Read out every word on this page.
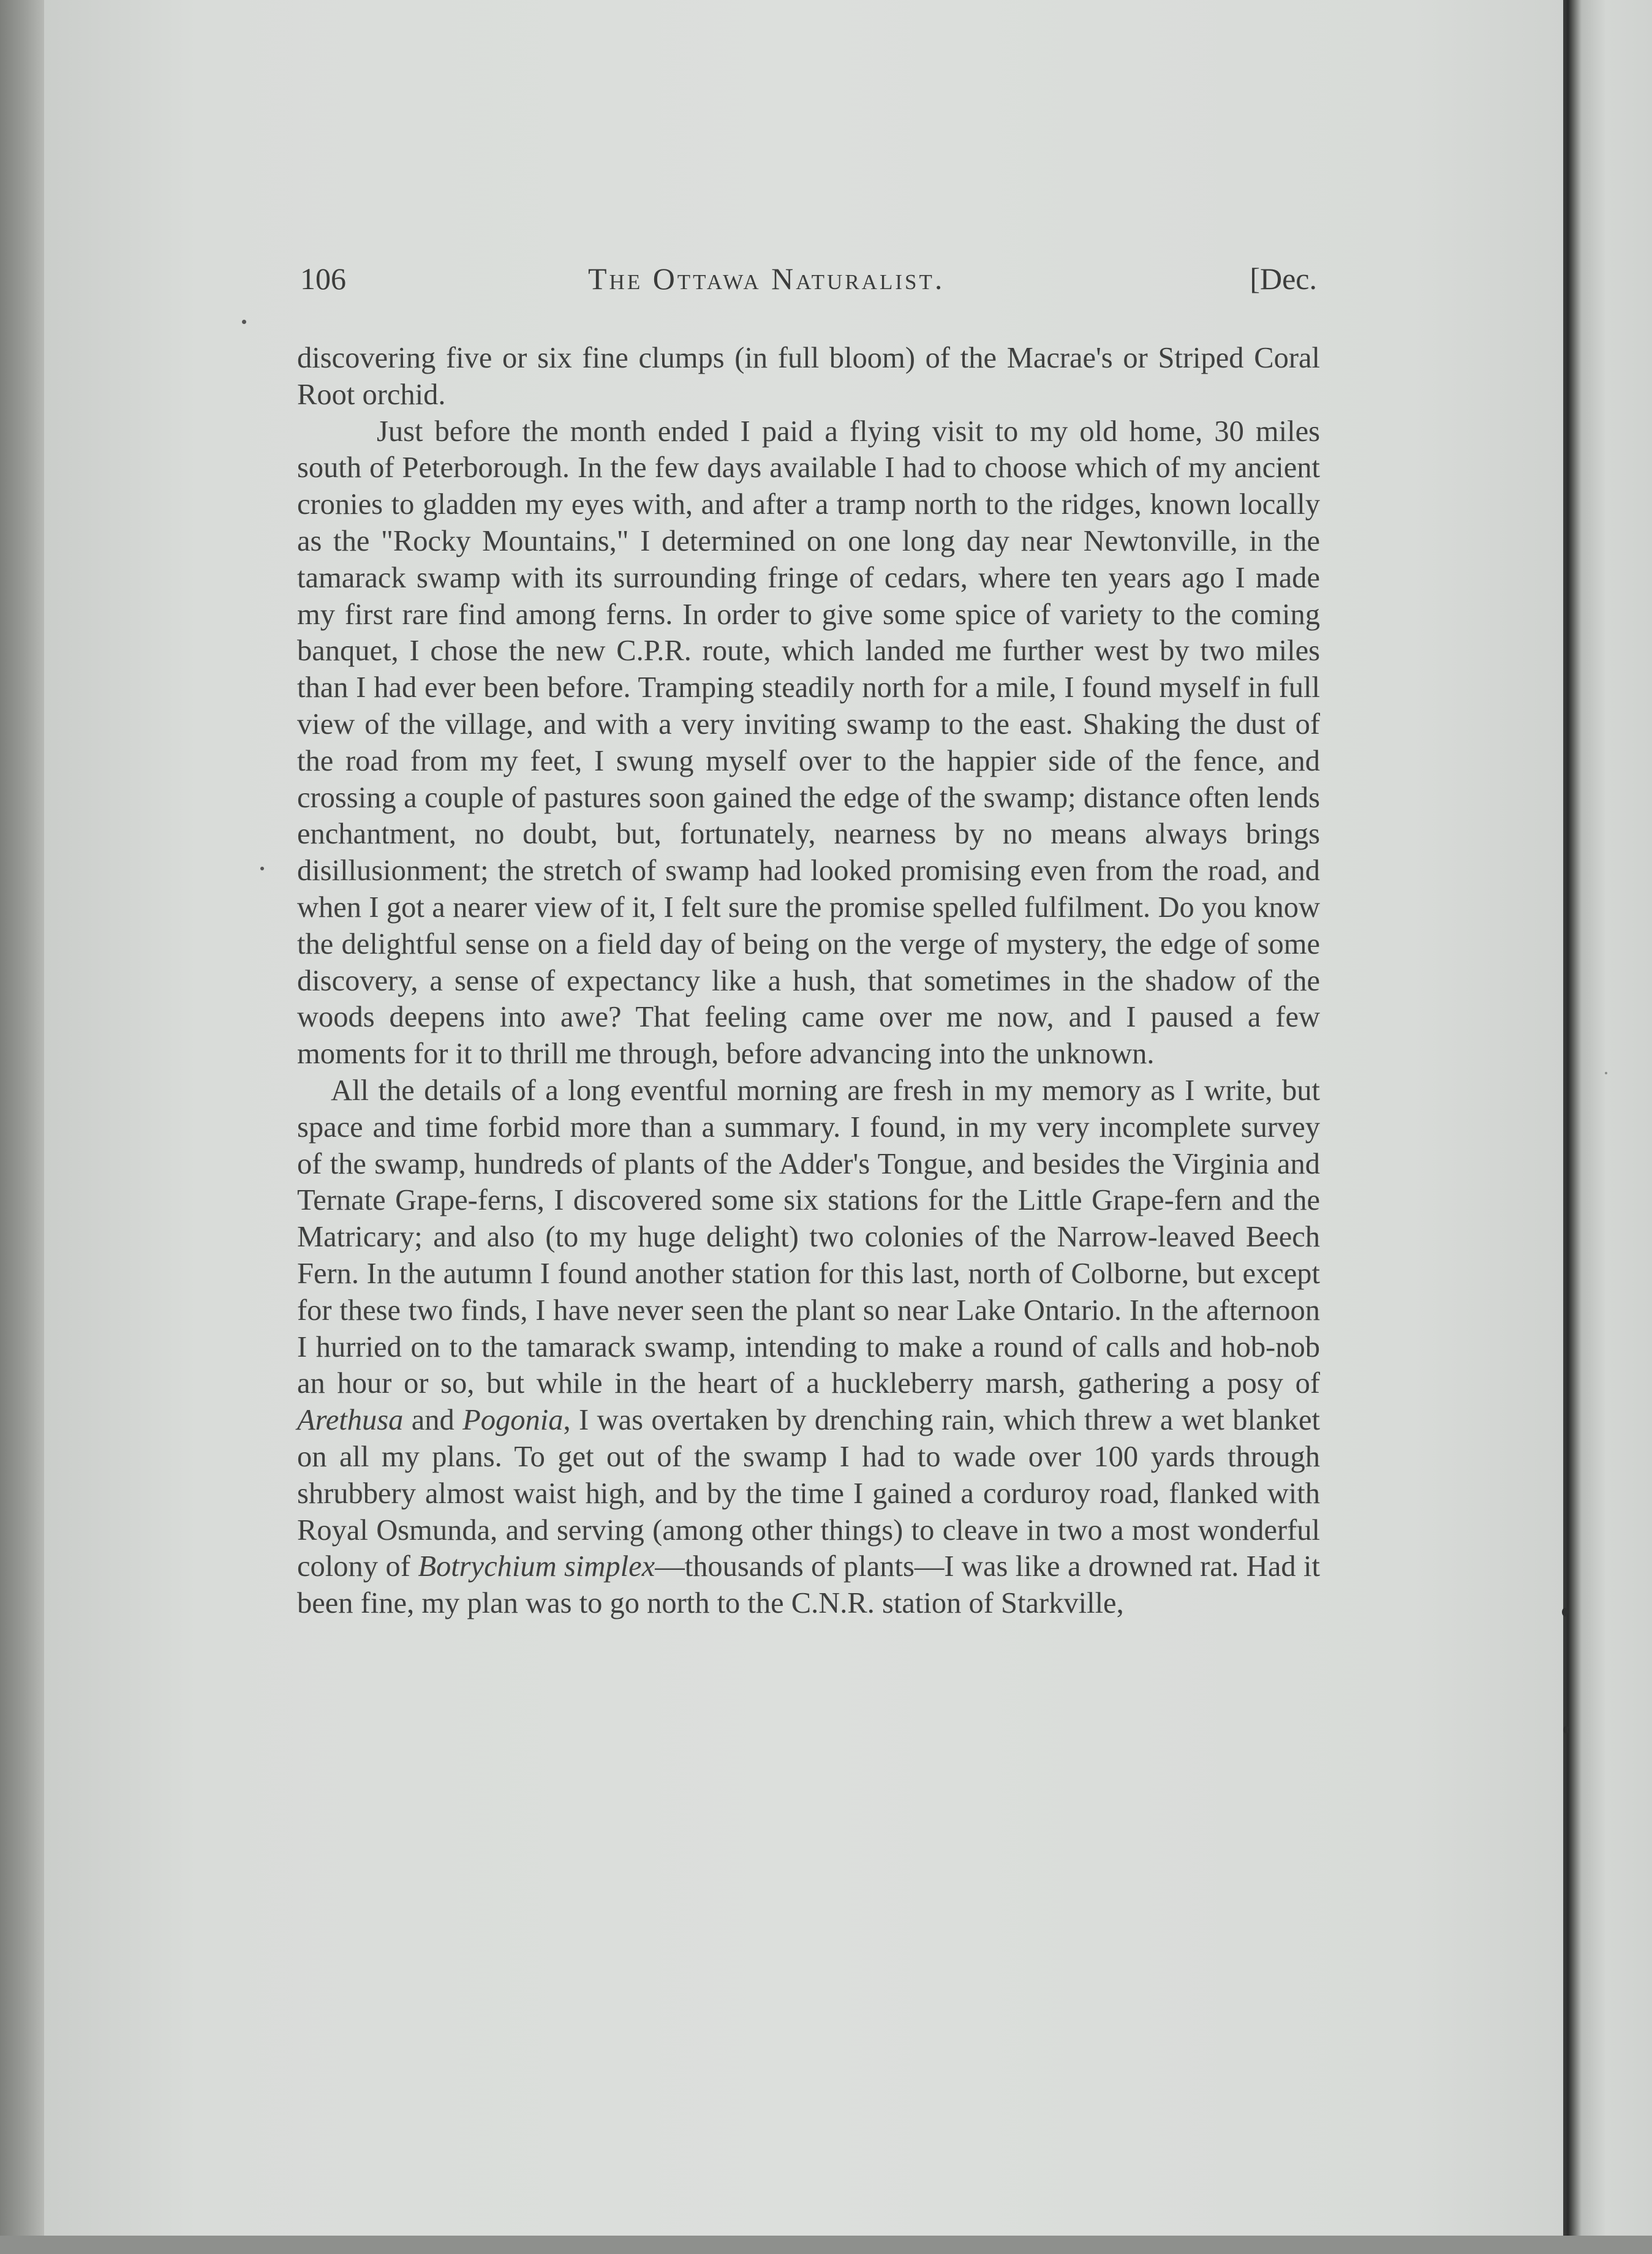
106	The Ottawa Naturalist.	[Dec.

discovering five or six fine clumps (in full bloom) of the Macrae's or Striped Coral Root orchid.

Just before the month ended I paid a flying visit to my old home, 30 miles south of Peterborough. In the few days available I had to choose which of my ancient cronies to gladden my eyes with, and after a tramp north to the ridges, known locally as the "Rocky Mountains," I determined on one long day near Newtonville, in the tamarack swamp with its surrounding fringe of cedars, where ten years ago I made my first rare find among ferns. In order to give some spice of variety to the coming banquet, I chose the new C.P.R. route, which landed me further west by two miles than I had ever been before. Tramping steadily north for a mile, I found myself in full view of the village, and with a very inviting swamp to the east. Shaking the dust of the road from my feet, I swung myself over to the happier side of the fence, and crossing a couple of pastures soon gained the edge of the swamp; distance often lends enchantment, no doubt, but, fortunately, nearness by no means always brings disillusionment; the stretch of swamp had looked promising even from the road, and when I got a nearer view of it, I felt sure the promise spelled fulfilment. Do you know the delightful sense on a field day of being on the verge of mystery, the edge of some discovery, a sense of expectancy like a hush, that sometimes in the shadow of the woods deepens into awe? That feeling came over me now, and I paused a few moments for it to thrill me through, before advancing into the unknown.

All the details of a long eventful morning are fresh in my memory as I write, but space and time forbid more than a summary. I found, in my very incomplete survey of the swamp, hundreds of plants of the Adder's Tongue, and besides the Virginia and Ternate Grape-ferns, I discovered some six stations for the Little Grape-fern and the Matricary; and also (to my huge delight) two colonies of the Narrow-leaved Beech Fern. In the autumn I found another station for this last, north of Colborne, but except for these two finds, I have never seen the plant so near Lake Ontario. In the afternoon I hurried on to the tamarack swamp, intending to make a round of calls and hob-nob an hour or so, but while in the heart of a huckleberry marsh, gathering a posy of Arethusa and Pogonia, I was overtaken by drenching rain, which threw a wet blanket on all my plans. To get out of the swamp I had to wade over 100 yards through shrubbery almost waist high, and by the time I gained a corduroy road, flanked with Royal Osmunda, and serving (among other things) to cleave in two a most wonderful colony of Botrychium simplex—thousands of plants—I was like a drowned rat. Had it been fine, my plan was to go north to the C.N.R. station of Starkville,
